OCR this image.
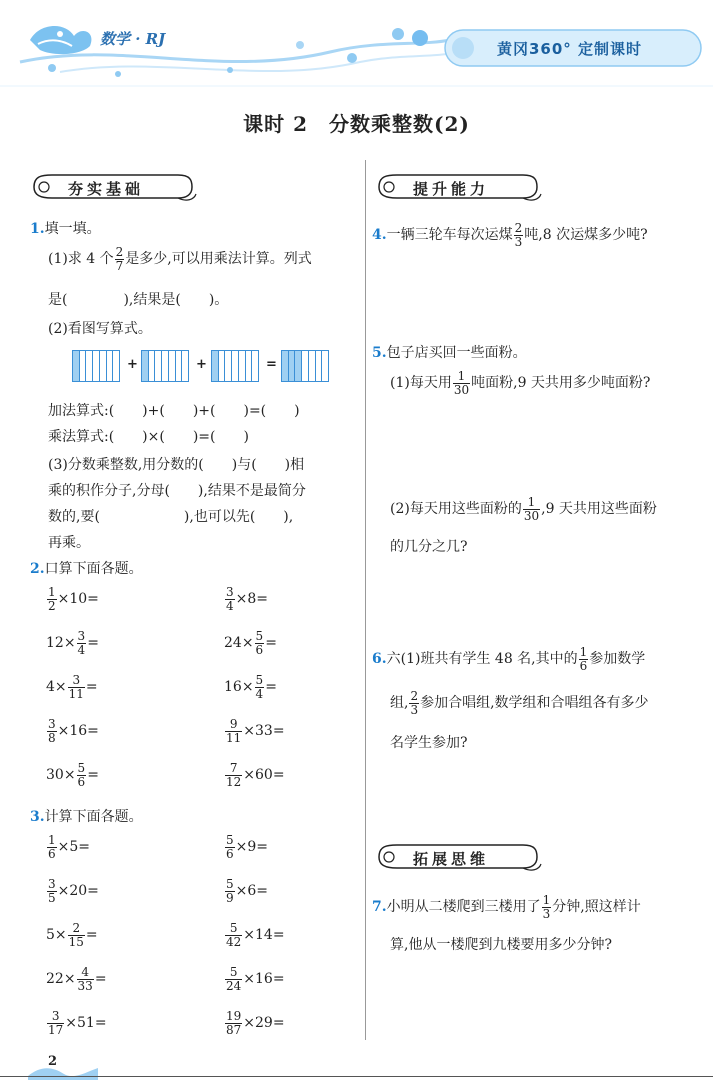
数学 · RJ
黄冈360° 定制课时
课时 2　分数乘整数(2)
夯实基础
1.填一填。
(1)求 4 个 $\frac{2}{7}$ 是多少,可以用乘法计算。列式
是(　　　　),结果是(　　)。
(2)看图写算式。
+	+	=
加法算式:(　　)+(　　)+(　　)=(　　)
乘法算式:(　　)×(　　)=(　　)
(3)分数乘整数,用分数的(　　)与(　　)相
乘的积作分子,分母(　　),结果不是最简分
数的,要(　　　　　　),也可以先(　　),
再乘。
2.口算下面各题。
$\frac{1}{2} \times 10=$	$\frac{3}{4} \times 8=$
$12\times \frac{3}{4}$ =	$24\times \frac{5}{6}$ =
$4\times \frac{3}{11}$ =	$16\times \frac{5}{4}$ =
$\frac{3}{8} \times 16=$	$\frac{9}{11} \times 33=$
$30\times \frac{5}{6}$ =	$\frac{7}{12} \times 60=$
3.计算下面各题。
$\frac{1}{6} \times 5=$	$\frac{5}{6} \times 9=$
$\frac{3}{5} \times 20=$	$\frac{5}{9} \times 6=$
$5\times \frac{2}{15}$ =	$\frac{5}{42} \times 14=$
$22\times \frac{4}{33}$ =	$\frac{5}{24} \times 16=$
$\frac{3}{17} \times 51=$	$\frac{19}{87} \times 29=$
提升能力
4.一辆三轮车每次运煤 $\frac{2}{3}$ 吨,8 次运煤多少吨?
5.包子店买回一些面粉。
(1)每天用 $\frac{1}{30}$ 吨面粉,9 天共用多少吨面粉?
(2)每天用这些面粉的 $\frac{1}{30} ,9$ 天共用这些面粉
的几分之几?
6.六(1)班共有学生 48 名,其中的 $\frac{1}{6}$ 参加数学
组, $\frac{2}{3}$ 参加合唱组,数学组和合唱组各有多少
名学生参加?
拓展思维
7.小明从二楼爬到三楼用了 $\frac{1}{3}$ 分钟,照这样计
算,他从一楼爬到九楼要用多少分钟?
2
